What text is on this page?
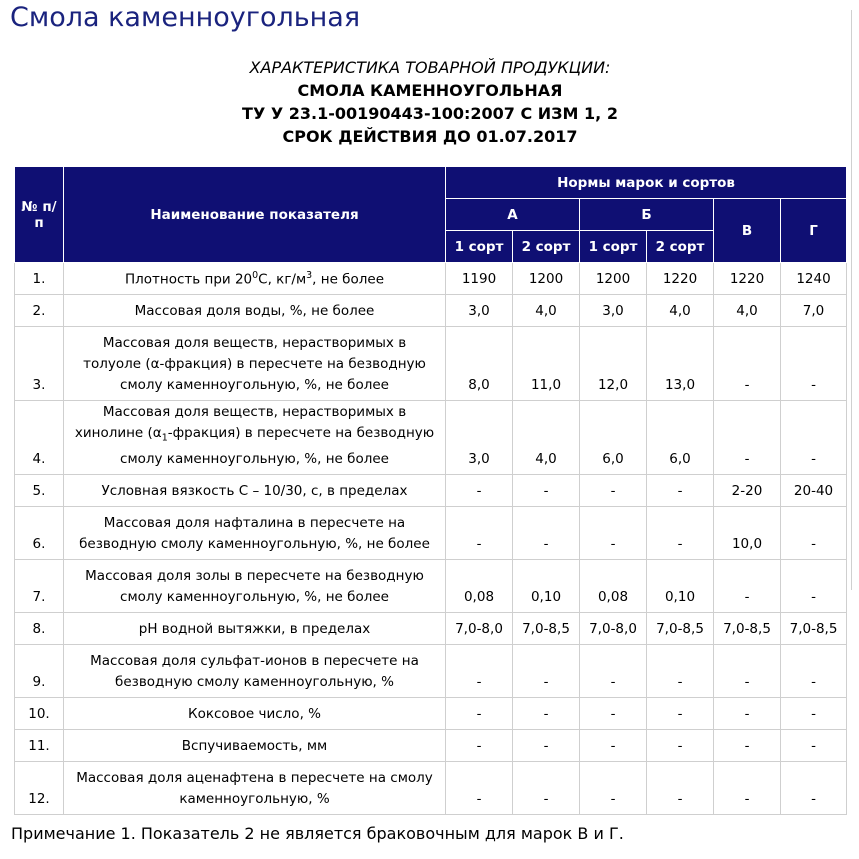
Смола каменноугольная
ХАРАКТЕРИСТИКА ТОВАРНОЙ ПРОДУКЦИИ:
СМОЛА КАМЕННОУГОЛЬНАЯ
ТУ У 23.1-00190443-100:2007 С ИЗМ 1, 2
СРОК ДЕЙСТВИЯ ДО 01.07.2017
№ п/п	Наименование показателя	Нормы марок и сортов					
		А		Б		В	Г
		1 сорт	2 сорт	1 сорт	2 сорт		
1.	Плотность при $20^0С$, $кг/м^3$, не более	1190	1200	1200	1220	1220	1240
2.	Массовая доля воды, %, не более	3,0	4,0	3,0	4,0	4,0	7,0
3.	Массовая доля веществ, нерастворимых в толуоле (α-фракция) в пересчете на безводную смолу каменноугольную, %, не более	8,0	11,0	12,0	13,0	-	-
4.	Массовая доля веществ, нерастворимых в хинолине $(\alpha_1-фракция)$ в пересчете на безводную смолу каменноугольную, %, не более	3,0	4,0	6,0	6,0	-	-
5.	Условная вязкость С – 10/30, с, в пределах	-	-	-	-	2-20	20-40
6.	Массовая доля нафталина в пересчете на безводную смолу каменноугольную, %, не более	-	-	-	-	10,0	-
7.	Массовая доля золы в пересчете на безводную смолу каменноугольную, %, не более	0,08	0,10	0,08	0,10	-	-
8.	pH водной вытяжки, в пределах	7,0-8,0	7,0-8,5	7,0-8,0	7,0-8,5	7,0-8,5	7,0-8,5
9.	Массовая доля сульфат-ионов в пересчете на безводную смолу каменноугольную, %	-	-	-	-	-	-
10.	Коксовое число, %	-	-	-	-	-	-
11.	Вспучиваемость, мм	-	-	-	-	-	-
12.	Массовая доля аценафтена в пересчете на смолу каменноугольную, %	-	-	-	-	-	-
Примечание 1. Показатель 2 не является браковочным для марок В и Г.
